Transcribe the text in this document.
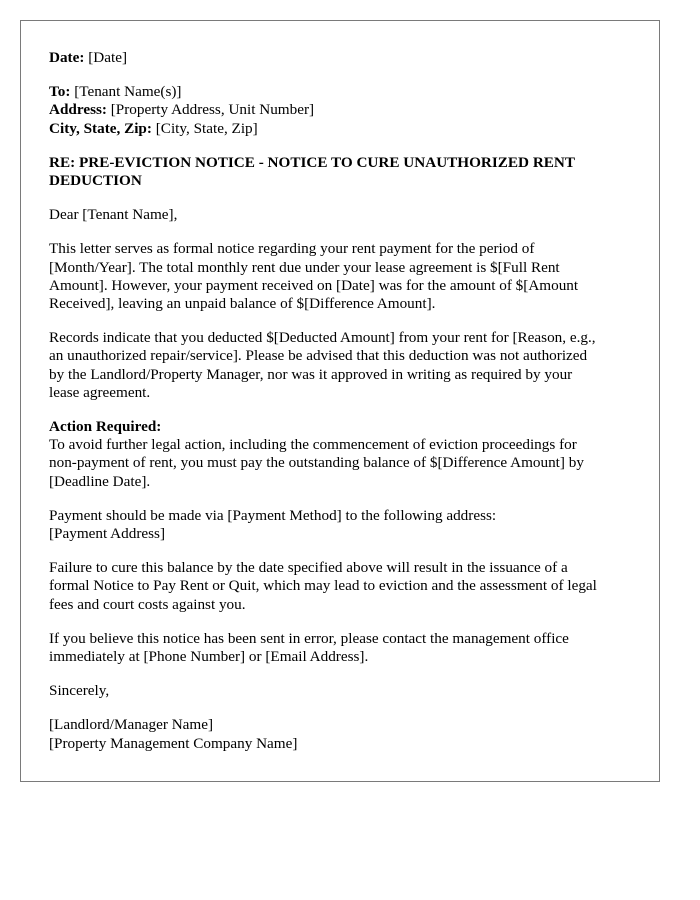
Date: [Date]
To: [Tenant Name(s)]
Address: [Property Address, Unit Number]
City, State, Zip: [City, State, Zip]
RE: PRE-EVICTION NOTICE - NOTICE TO CURE UNAUTHORIZED RENT
DEDUCTION
Dear [Tenant Name],
This letter serves as formal notice regarding your rent payment for the period of
[Month/Year]. The total monthly rent due under your lease agreement is $[Full Rent
Amount]. However, your payment received on [Date] was for the amount of $[Amount
Received], leaving an unpaid balance of $[Difference Amount].
Records indicate that you deducted $[Deducted Amount] from your rent for [Reason, e.g.,
an unauthorized repair/service]. Please be advised that this deduction was not authorized
by the Landlord/Property Manager, nor was it approved in writing as required by your
lease agreement.
Action Required:
To avoid further legal action, including the commencement of eviction proceedings for
non-payment of rent, you must pay the outstanding balance of $[Difference Amount] by
[Deadline Date].
Payment should be made via [Payment Method] to the following address:
[Payment Address]
Failure to cure this balance by the date specified above will result in the issuance of a
formal Notice to Pay Rent or Quit, which may lead to eviction and the assessment of legal
fees and court costs against you.
If you believe this notice has been sent in error, please contact the management office
immediately at [Phone Number] or [Email Address].
Sincerely,
[Landlord/Manager Name]
[Property Management Company Name]
